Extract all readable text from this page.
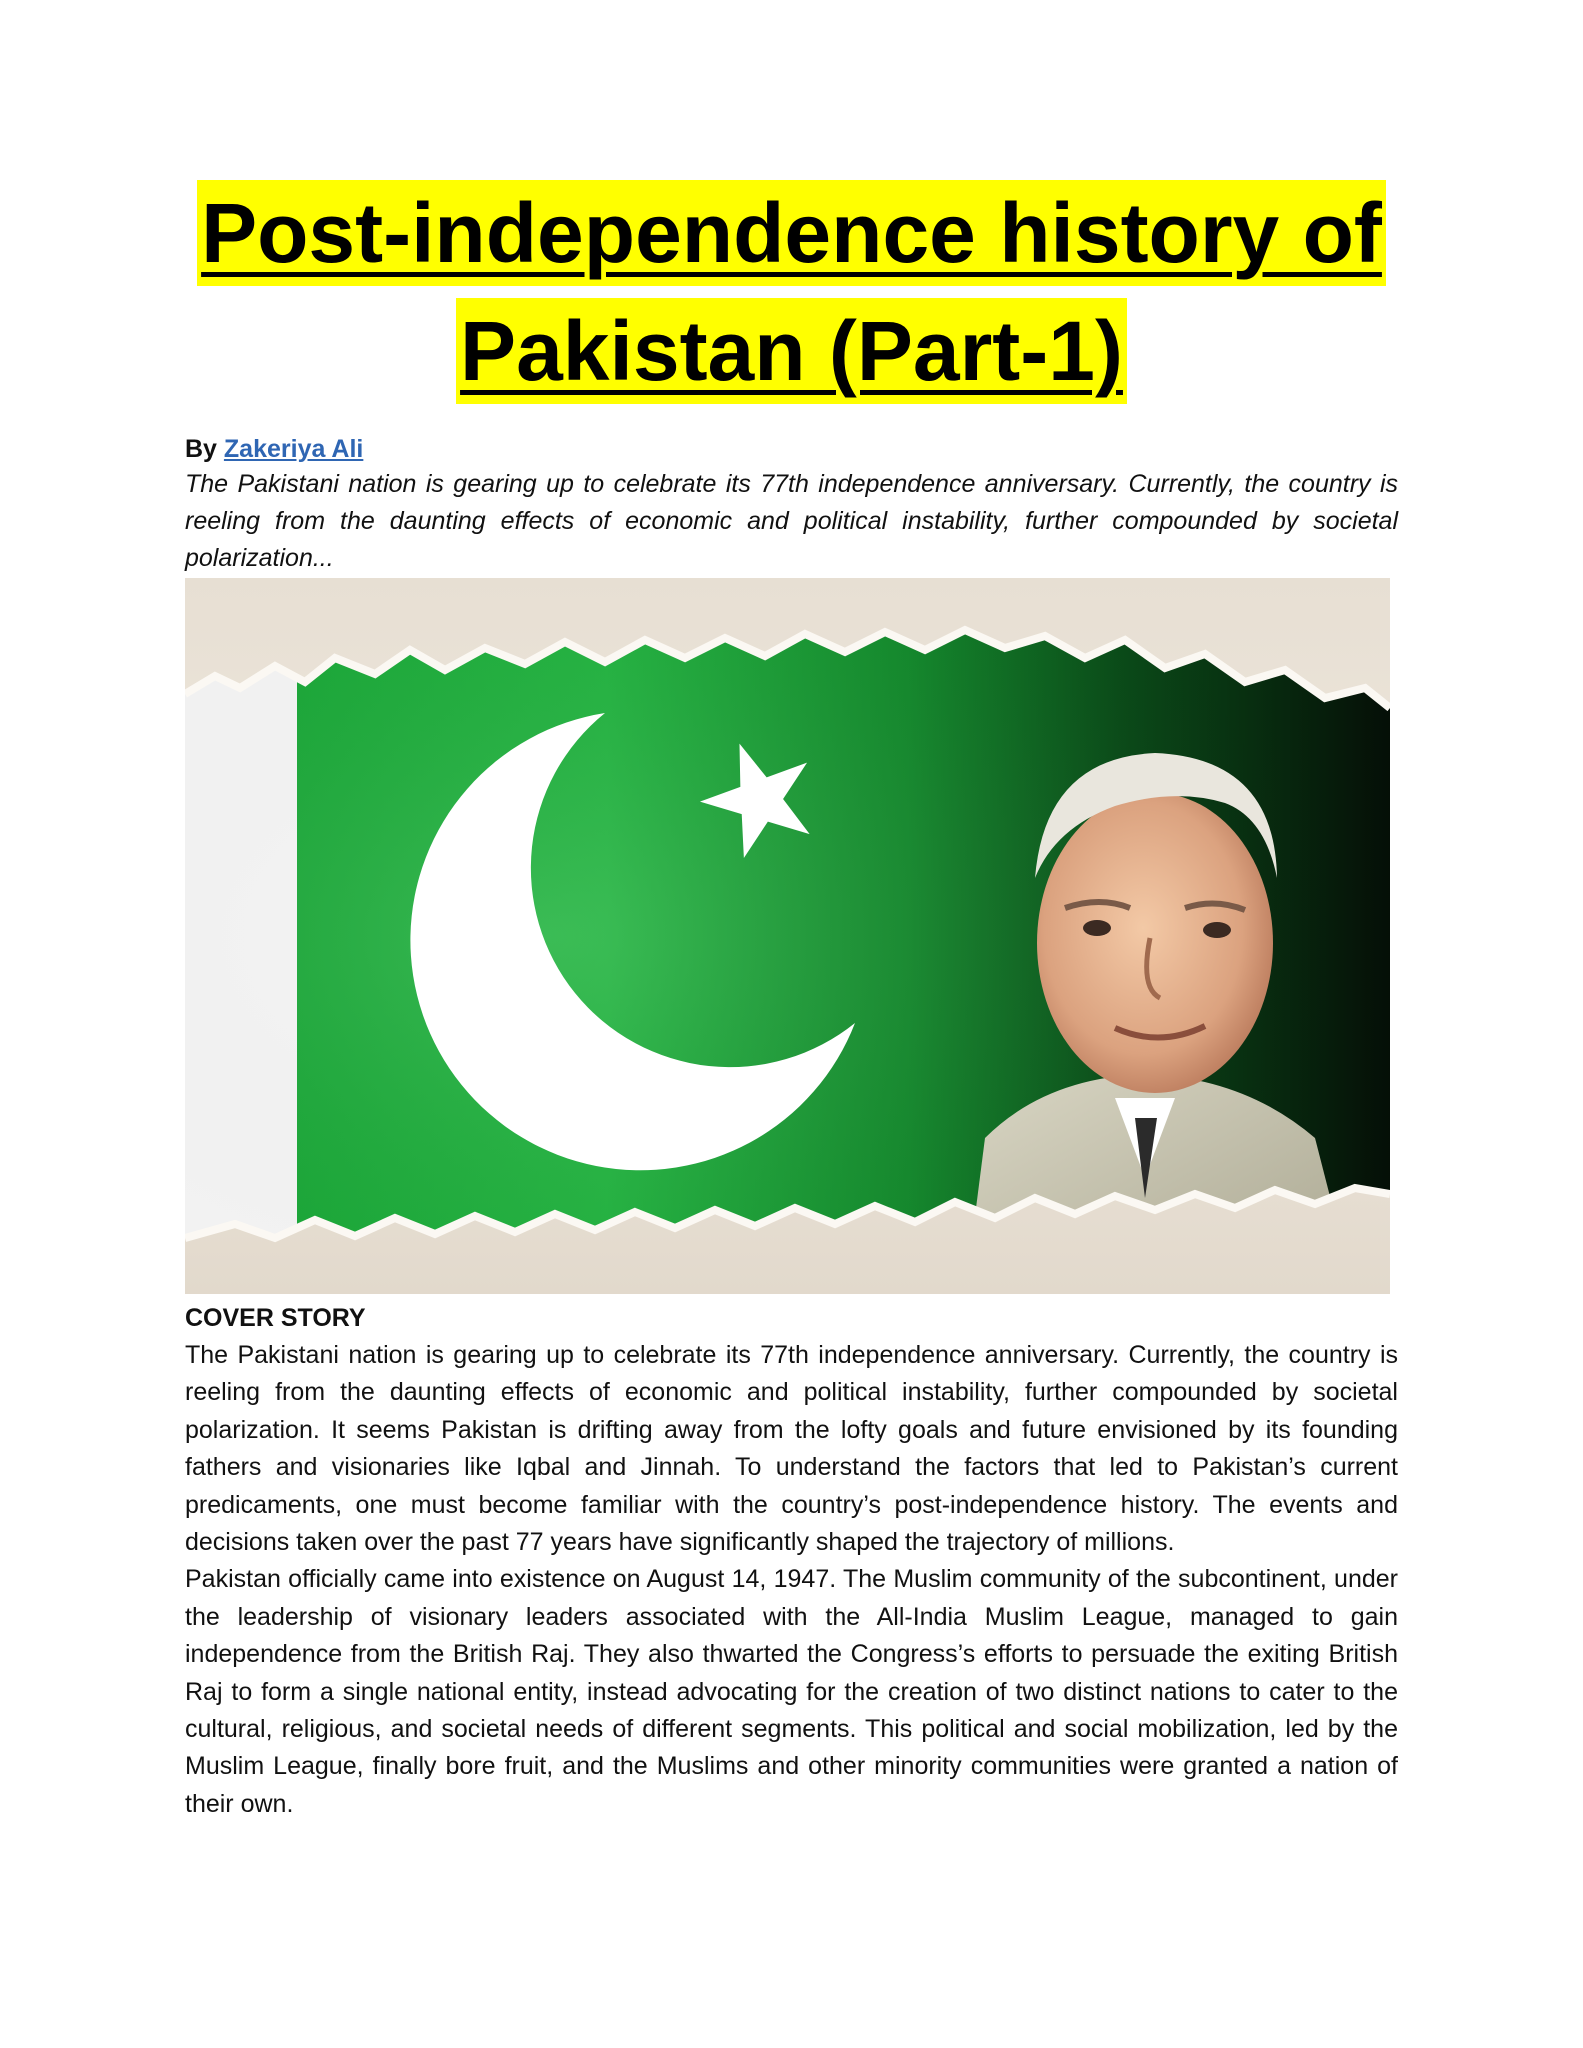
Post-independence history of
Pakistan (Part-1)
By Zakeriya Ali

The Pakistani nation is gearing up to celebrate its 77th independence anniversary. Currently, the country is reeling from the daunting effects of economic and political instability, further compounded by societal polarization...

COVER STORY

The Pakistani nation is gearing up to celebrate its 77th independence anniversary. Currently, the country is reeling from the daunting effects of economic and political instability, further compounded by societal polarization. It seems Pakistan is drifting away from the lofty goals and future envisioned by its founding fathers and visionaries like Iqbal and Jinnah. To understand the factors that led to Pakistan’s current predicaments, one must become familiar with the country’s post-independence history. The events and decisions taken over the past 77 years have significantly shaped the trajectory of millions.

Pakistan officially came into existence on August 14, 1947. The Muslim community of the subcontinent, under the leadership of visionary leaders associated with the All-India Muslim League, managed to gain independence from the British Raj. They also thwarted the Congress’s efforts to persuade the exiting British Raj to form a single national entity, instead advocating for the creation of two distinct nations to cater to the cultural, religious, and societal needs of different segments. This political and social mobilization, led by the Muslim League, finally bore fruit, and the Muslims and other minority communities were granted a nation of their own.
